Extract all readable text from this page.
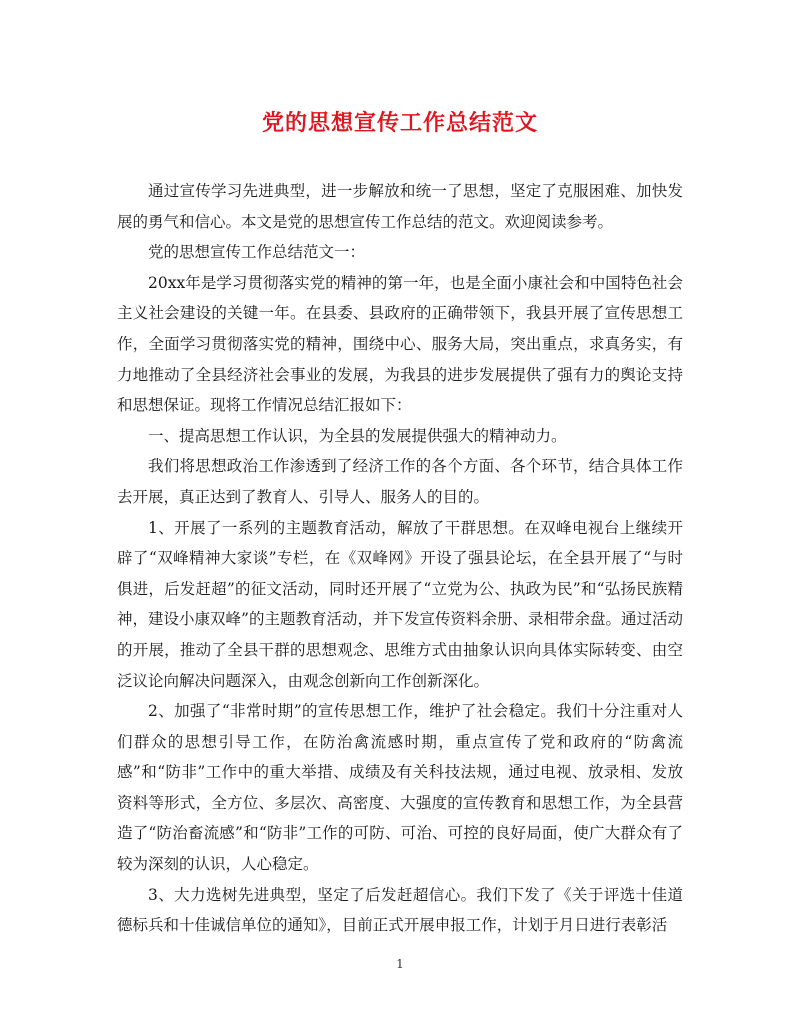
党的思想宣传工作总结范文

通过宣传学习先进典型，进一步解放和统一了思想，坚定了克服困难、加快发展的勇气和信心。本文是党的思想宣传工作总结的范文。欢迎阅读参考。

党的思想宣传工作总结范文一：

20xx年是学习贯彻落实党的精神的第一年，也是全面小康社会和中国特色社会主义社会建设的关键一年。在县委、县政府的正确带领下，我县开展了宣传思想工作，全面学习贯彻落实党的精神，围绕中心、服务大局，突出重点，求真务实，有力地推动了全县经济社会事业的发展，为我县的进步发展提供了强有力的舆论支持和思想保证。现将工作情况总结汇报如下：

一、提高思想工作认识，为全县的发展提供强大的精神动力。

我们将思想政治工作渗透到了经济工作的各个方面、各个环节，结合具体工作去开展，真正达到了教育人、引导人、服务人的目的。

1、开展了一系列的主题教育活动，解放了干群思想。在双峰电视台上继续开辟了“双峰精神大家谈”专栏，在《双峰网》开设了强县论坛，在全县开展了“与时俱进，后发赶超”的征文活动，同时还开展了“立党为公、执政为民”和“弘扬民族精神，建设小康双峰”的主题教育活动，并下发宣传资料余册、录相带余盘。通过活动的开展，推动了全县干群的思想观念、思维方式由抽象认识向具体实际转变、由空泛议论向解决问题深入，由观念创新向工作创新深化。

2、加强了“非常时期”的宣传思想工作，维护了社会稳定。我们十分注重对人们群众的思想引导工作，在防治禽流感时期，重点宣传了党和政府的“防禽流感”和“防非”工作中的重大举措、成绩及有关科技法规，通过电视、放录相、发放资料等形式，全方位、多层次、高密度、大强度的宣传教育和思想工作，为全县营造了“防治畜流感”和“防非”工作的可防、可治、可控的良好局面，使广大群众有了较为深刻的认识，人心稳定。

3、大力选树先进典型，坚定了后发赶超信心。我们下发了《关于评选十佳道德标兵和十佳诚信单位的通知》，目前正式开展申报工作，计划于月日进行表彰活

1
